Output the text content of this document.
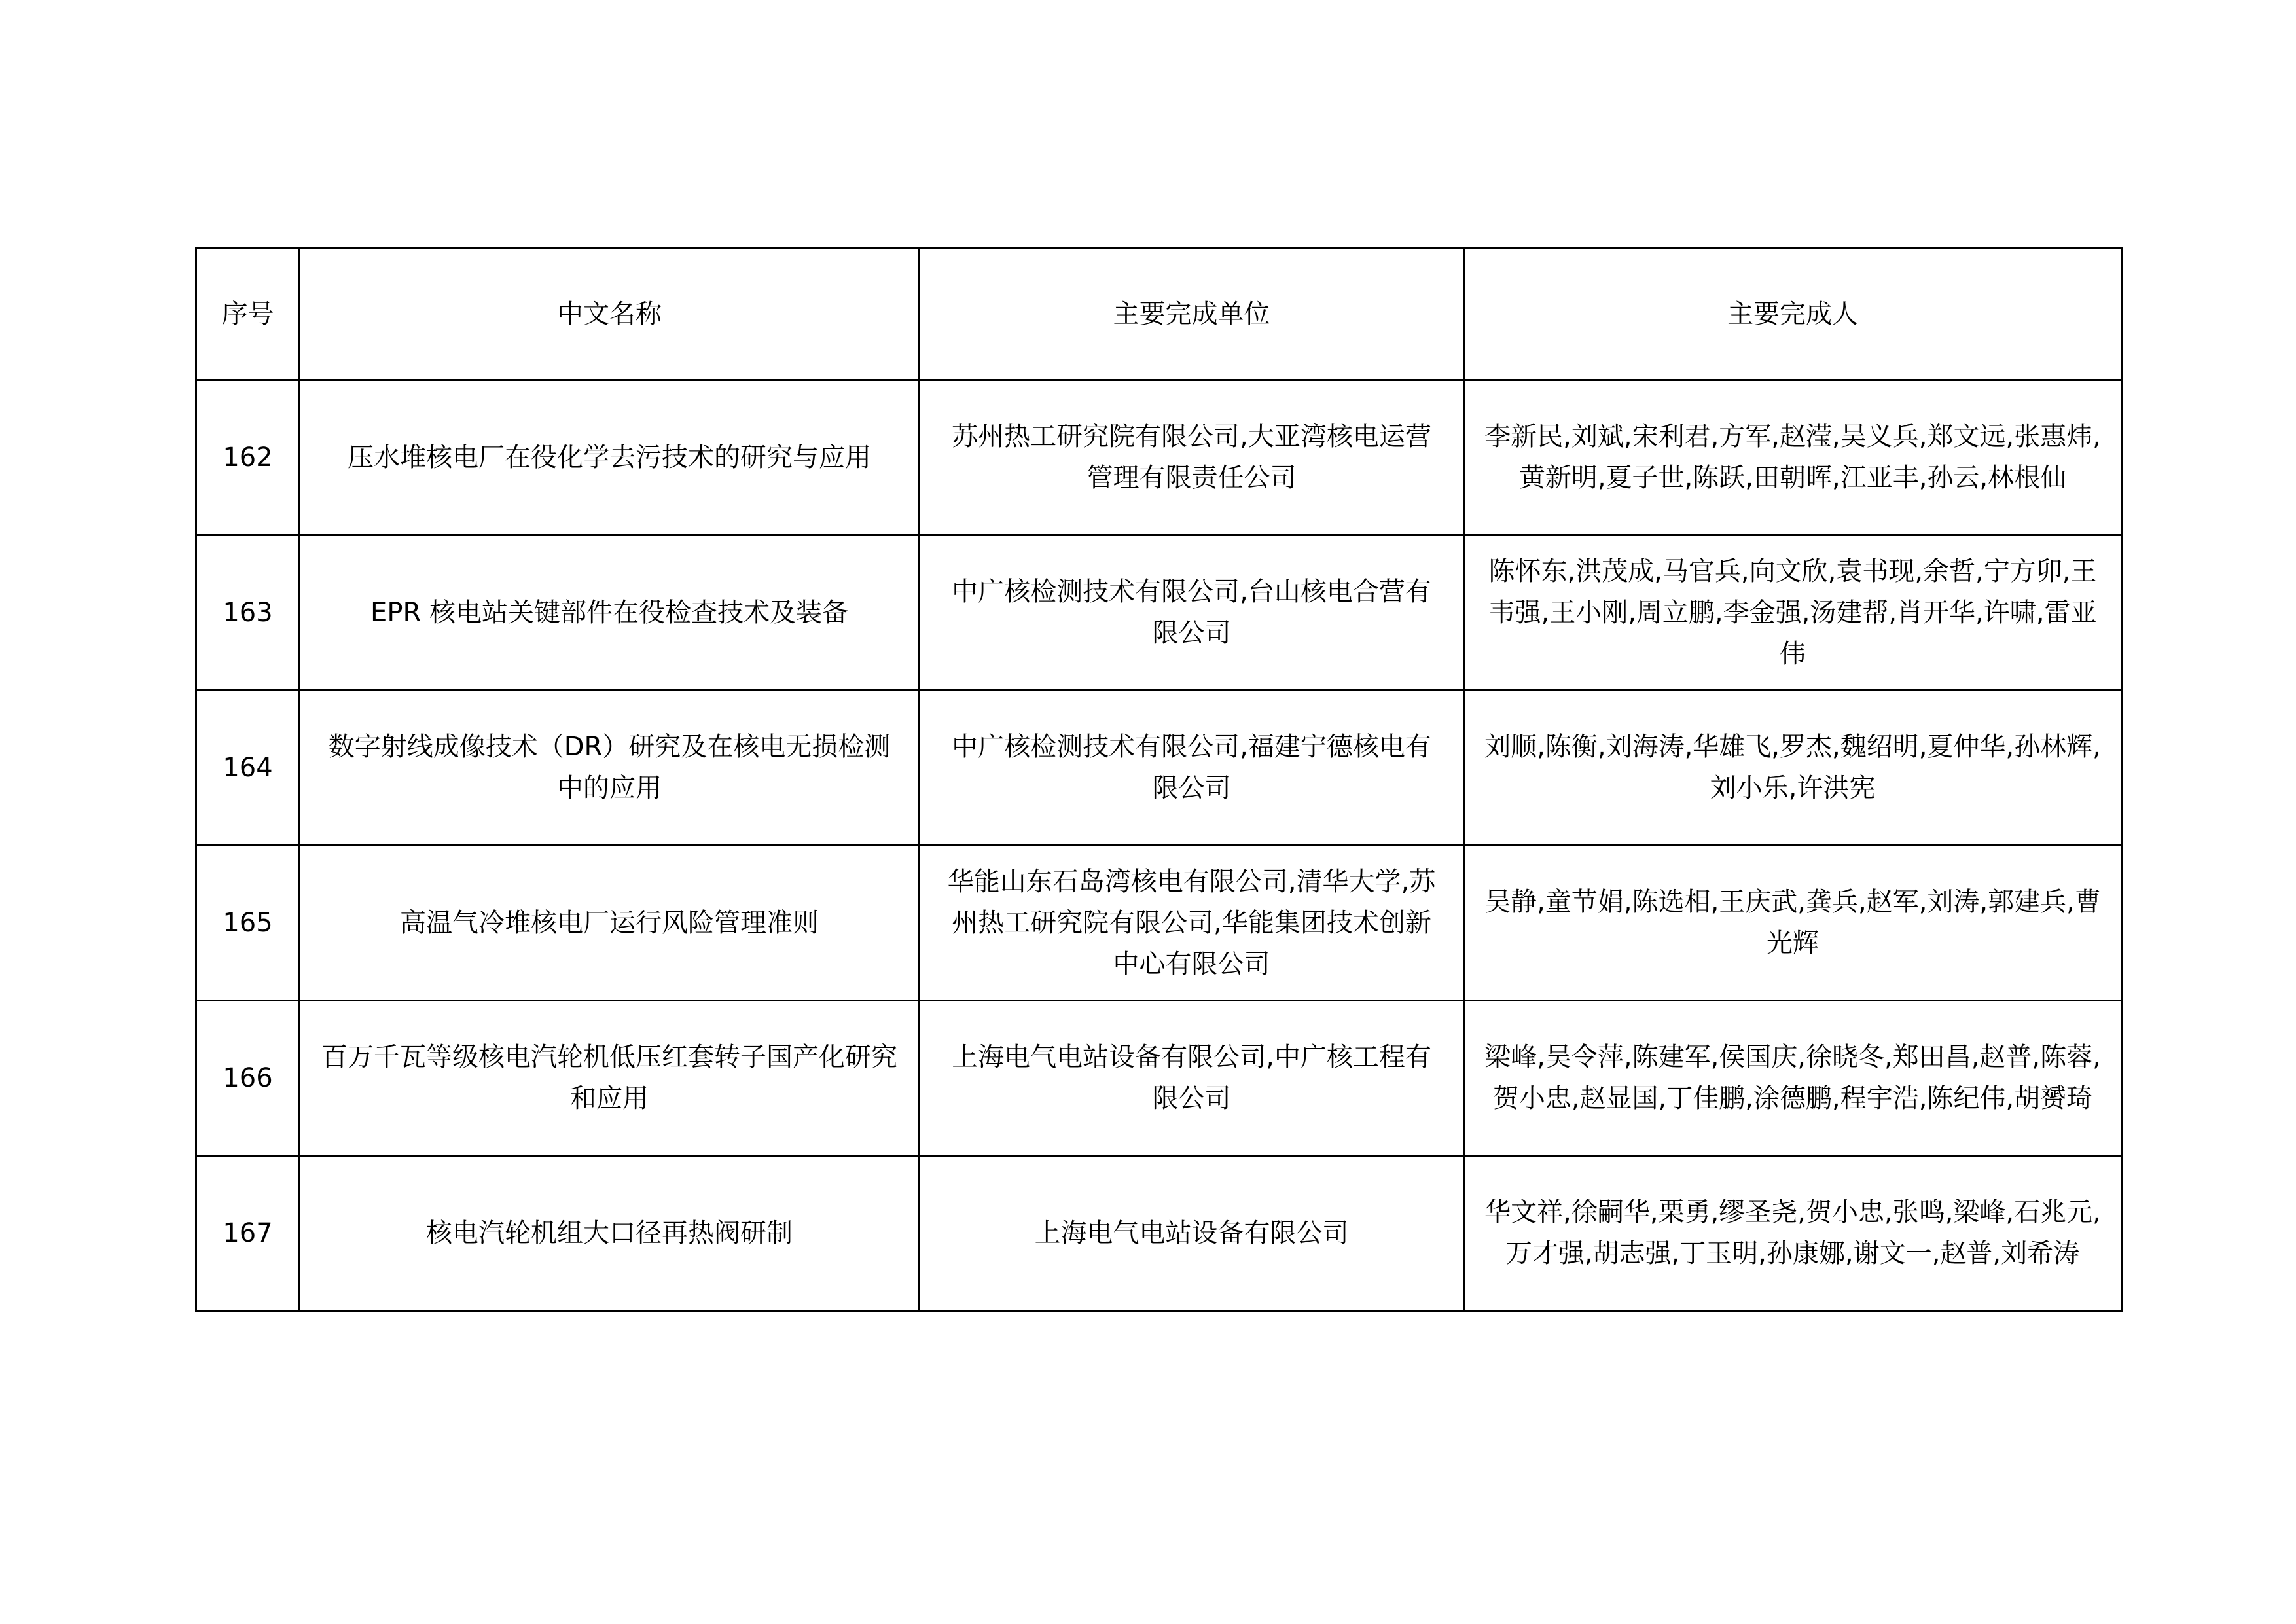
序号	中文名称	主要完成单位	主要完成人
162	压水堆核电厂在役化学去污技术的研究与应用	苏州热工研究院有限公司,大亚湾核电运营管理有限责任公司	李新民,刘斌,宋利君,方军,赵滢,吴义兵,郑文远,张惠炜,黄新明,夏子世,陈跃,田朝晖,江亚丰,孙云,林根仙
163	EPR 核电站关键部件在役检查技术及装备	中广核检测技术有限公司,台山核电合营有限公司	陈怀东,洪茂成,马官兵,向文欣,袁书现,余哲,宁方卯,王韦强,王小刚,周立鹏,李金强,汤建帮,肖开华,许啸,雷亚伟
164	数字射线成像技术（DR）研究及在核电无损检测中的应用	中广核检测技术有限公司,福建宁德核电有限公司	刘顺,陈衡,刘海涛,华雄飞,罗杰,魏绍明,夏仲华,孙林辉,刘小乐,许洪宪
165	高温气冷堆核电厂运行风险管理准则	华能山东石岛湾核电有限公司,清华大学,苏州热工研究院有限公司,华能集团技术创新中心有限公司	吴静,童节娟,陈选相,王庆武,龚兵,赵军,刘涛,郭建兵,曹光辉
166	百万千瓦等级核电汽轮机低压红套转子国产化研究和应用	上海电气电站设备有限公司,中广核工程有限公司	梁峰,吴令萍,陈建军,侯国庆,徐晓冬,郑田昌,赵普,陈蓉,贺小忠,赵显国,丁佳鹏,涂德鹏,程宇浩,陈纪伟,胡赟琦
167	核电汽轮机组大口径再热阀研制	上海电气电站设备有限公司	华文祥,徐嗣华,栗勇,缪圣尧,贺小忠,张鸣,梁峰,石兆元,万才强,胡志强,丁玉明,孙康娜,谢文一,赵普,刘希涛
